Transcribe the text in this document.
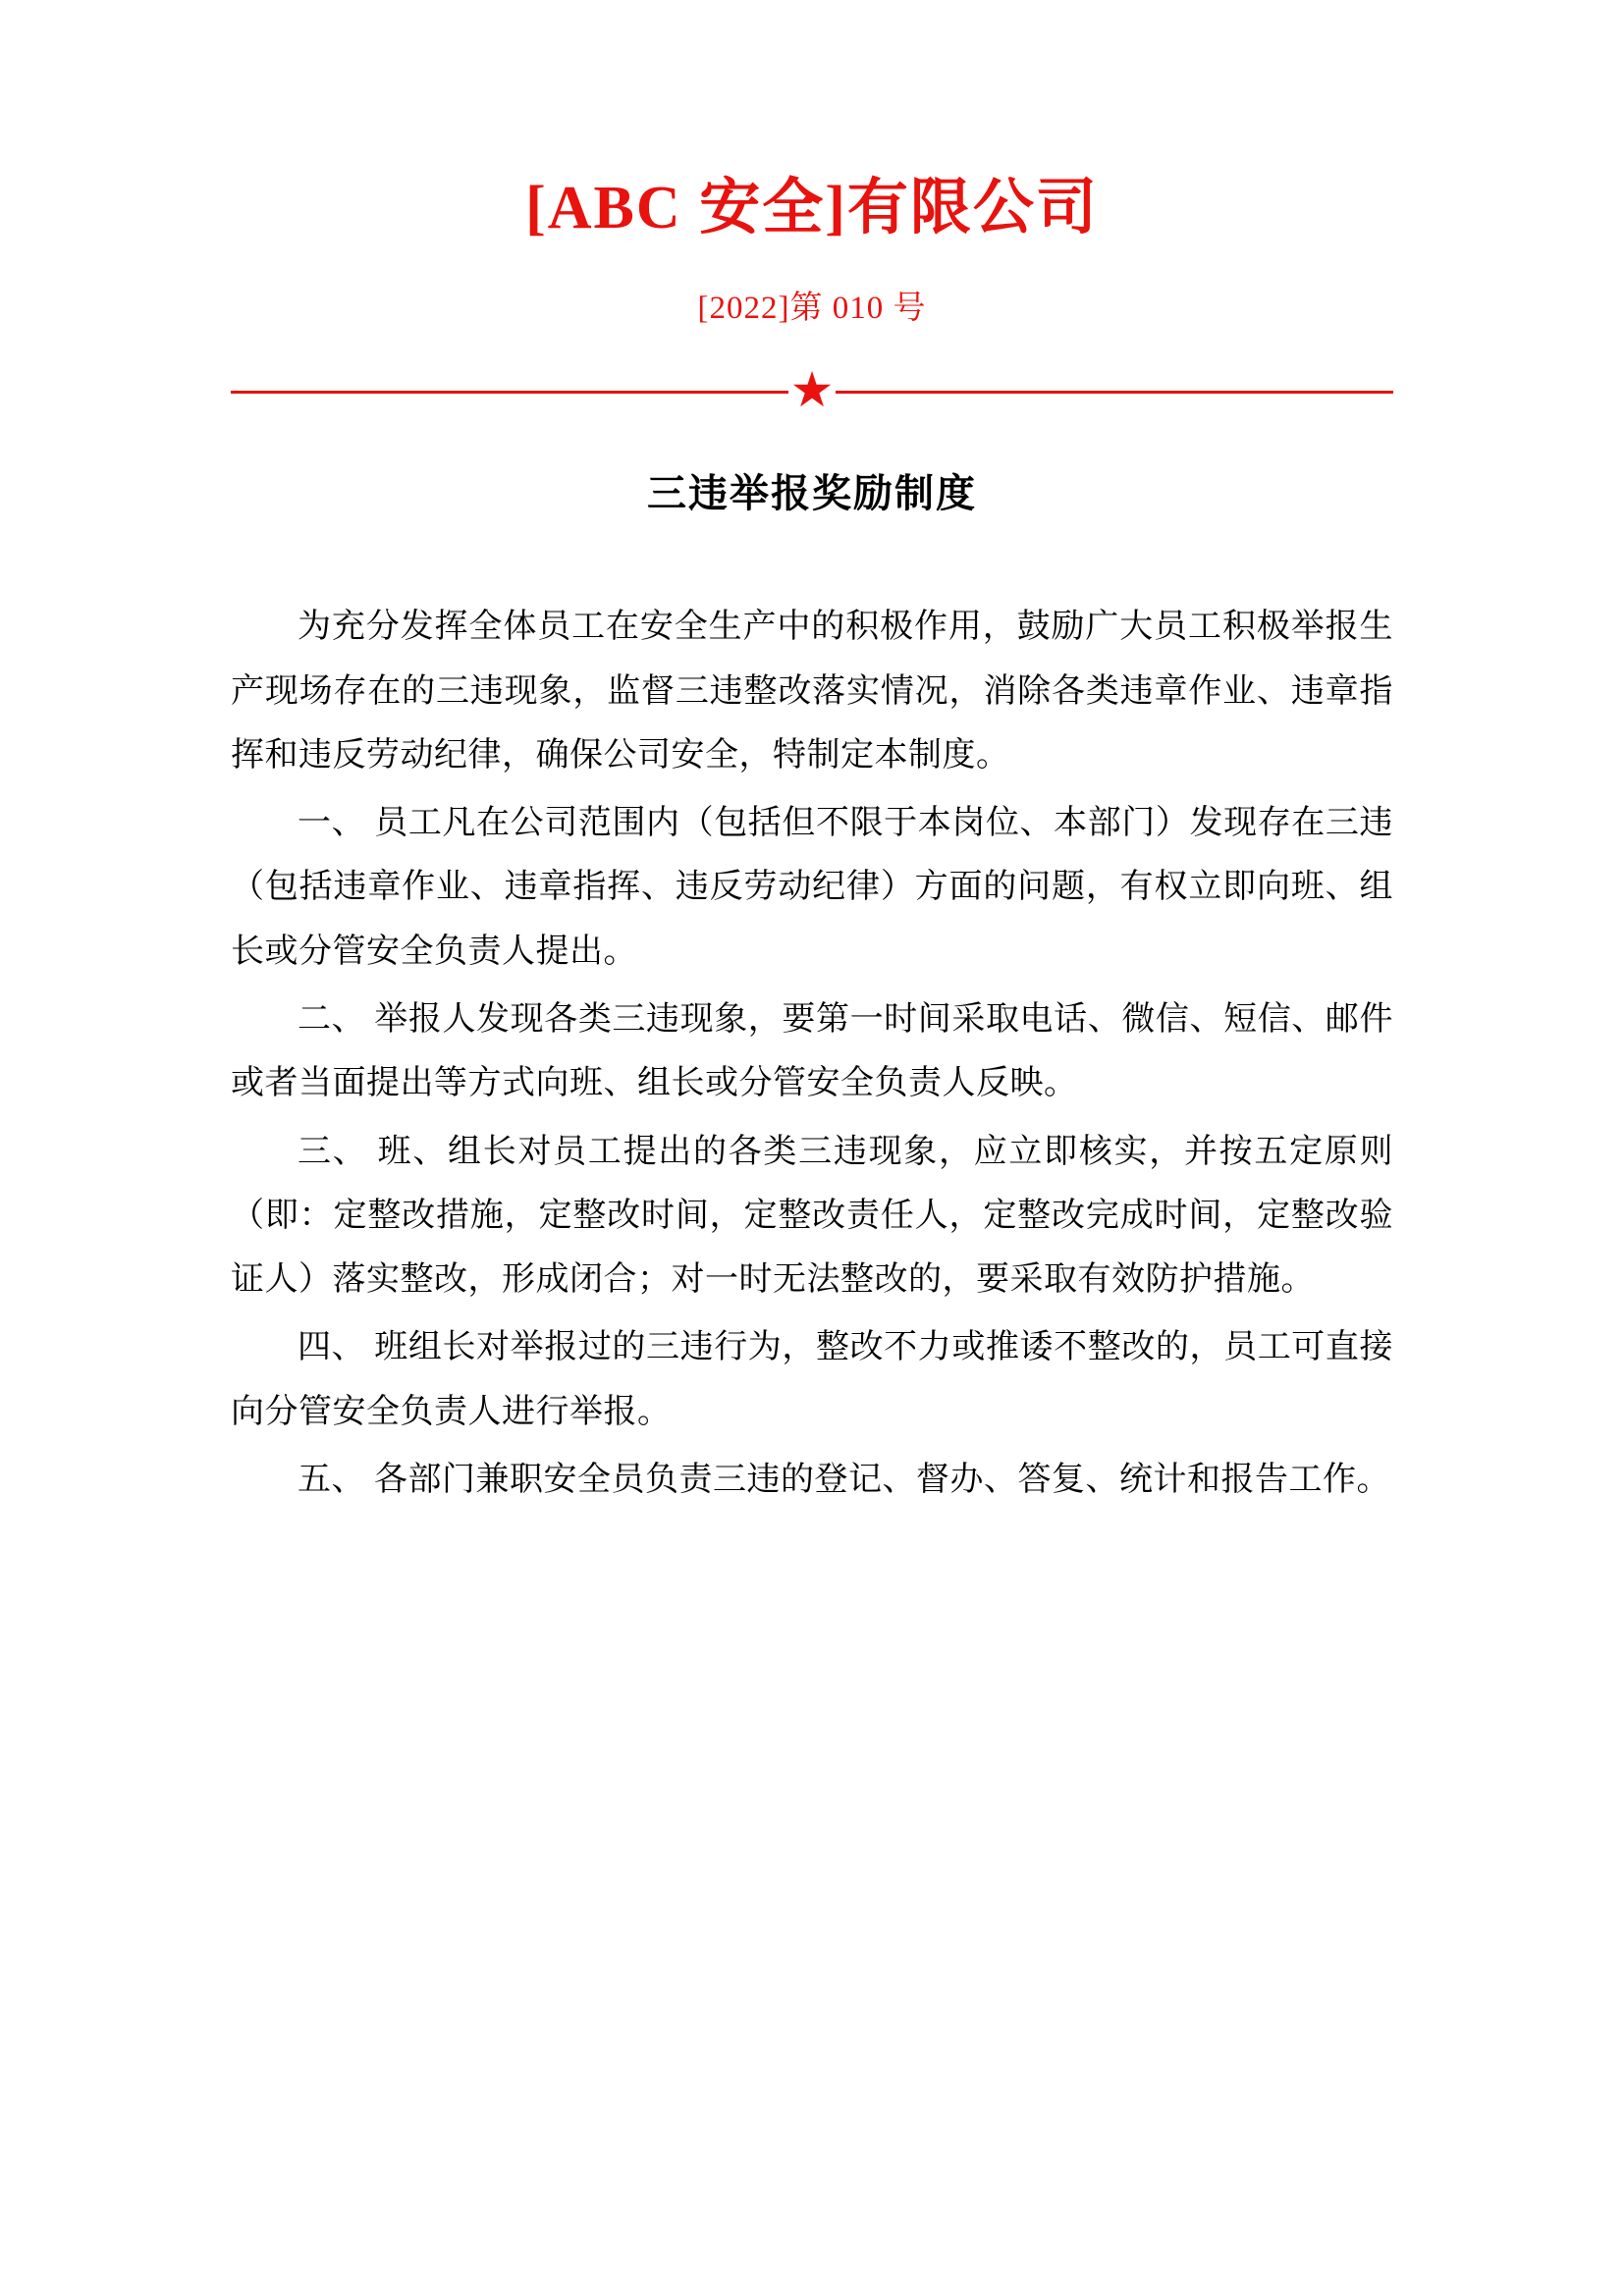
[ABC 安全]有限公司
[2022]第 010 号
★
三违举报奖励制度

为充分发挥全体员工在安全生产中的积极作用，鼓励广大员工积极举报生产现场存在的三违现象，监督三违整改落实情况，消除各类违章作业、违章指挥和违反劳动纪律，确保公司安全，特制定本制度。

一、 员工凡在公司范围内（包括但不限于本岗位、本部门）发现存在三违（包括违章作业、违章指挥、违反劳动纪律）方面的问题，有权立即向班、组长或分管安全负责人提出。

二、 举报人发现各类三违现象，要第一时间采取电话、微信、短信、邮件或者当面提出等方式向班、组长或分管安全负责人反映。

三、 班、组长对员工提出的各类三违现象，应立即核实，并按五定原则（即：定整改措施，定整改时间，定整改责任人，定整改完成时间，定整改验证人）落实整改，形成闭合；对一时无法整改的，要采取有效防护措施。

四、 班组长对举报过的三违行为，整改不力或推诿不整改的，员工可直接向分管安全负责人进行举报。

五、 各部门兼职安全员负责三违的登记、督办、答复、统计和报告工作。
